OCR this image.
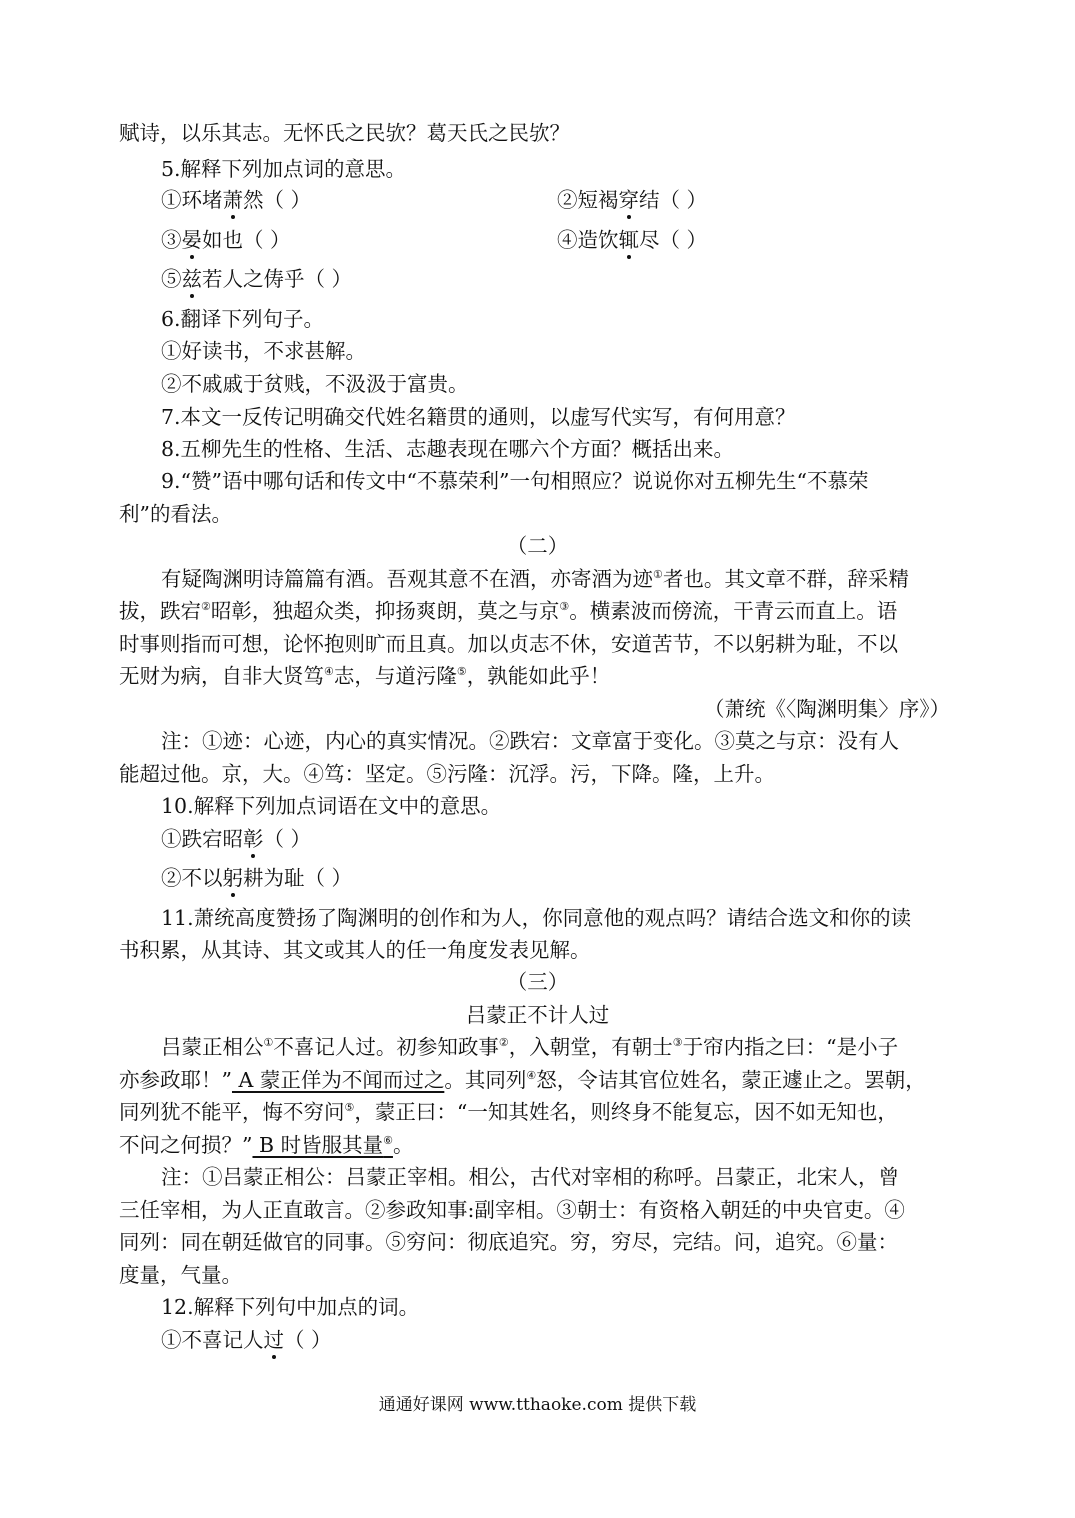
赋诗，以乐其志。无怀氏之民欤？葛天氏之民欤？
5.解释下列加点词的意思。
①环堵萧然（ ）	②短褐穿结（ ）
③晏如也（ ）	④造饮辄尽（ ）
⑤兹若人之俦乎（ ）
6.翻译下列句子。
①好读书，不求甚解。
②不戚戚于贫贱，不汲汲于富贵。
7.本文一反传记明确交代姓名籍贯的通则，以虚写代实写，有何用意？
8.五柳先生的性格、生活、志趣表现在哪六个方面？概括出来。
9.“赞”语中哪句话和传文中“不慕荣利”一句相照应？说说你对五柳先生“不慕荣
利”的看法。
（二）
有疑陶渊明诗篇篇有酒。吾观其意不在酒，亦寄酒为迹①者也。其文章不群，辞采精
拔，跌宕②昭彰，独超众类，抑扬爽朗，莫之与京③。横素波而傍流，干青云而直上。语
时事则指而可想，论怀抱则旷而且真。加以贞志不休，安道苦节，不以躬耕为耻，不以
无财为病，自非大贤笃④志，与道污隆⑤，孰能如此乎！
（萧统《〈陶渊明集〉序》）
注：①迹：心迹，内心的真实情况。②跌宕：文章富于变化。③莫之与京：没有人
能超过他。京，大。④笃：坚定。⑤污隆：沉浮。污，下降。隆，上升。
10.解释下列加点词语在文中的意思。
①跌宕昭彰（ ）
②不以躬耕为耻（ ）
11.萧统高度赞扬了陶渊明的创作和为人，你同意他的观点吗？请结合选文和你的读
书积累，从其诗、其文或其人的任一角度发表见解。
（三）
吕蒙正不计人过
吕蒙正相公①不喜记人过。初参知政事②，入朝堂，有朝士③于帘内指之曰：“是小子
亦参政耶！” A 蒙正佯为不闻而过之。其同列④怒，令诘其官位姓名，蒙正遽止之。罢朝，
同列犹不能平，悔不穷问⑤，蒙正曰：“一知其姓名，则终身不能复忘，因不如无知也，
不问之何损？” B 时皆服其量⑥。
注：①吕蒙正相公：吕蒙正宰相。相公，古代对宰相的称呼。吕蒙正，北宋人，曾
三任宰相，为人正直敢言。②参政知事:副宰相。③朝士：有资格入朝廷的中央官吏。④
同列：同在朝廷做官的同事。⑤穷问：彻底追究。穷，穷尽，完结。问，追究。⑥量：
度量，气量。
12.解释下列句中加点的词。
①不喜记人过（ ）
通通好课网 www.tthaoke.com 提供下载
